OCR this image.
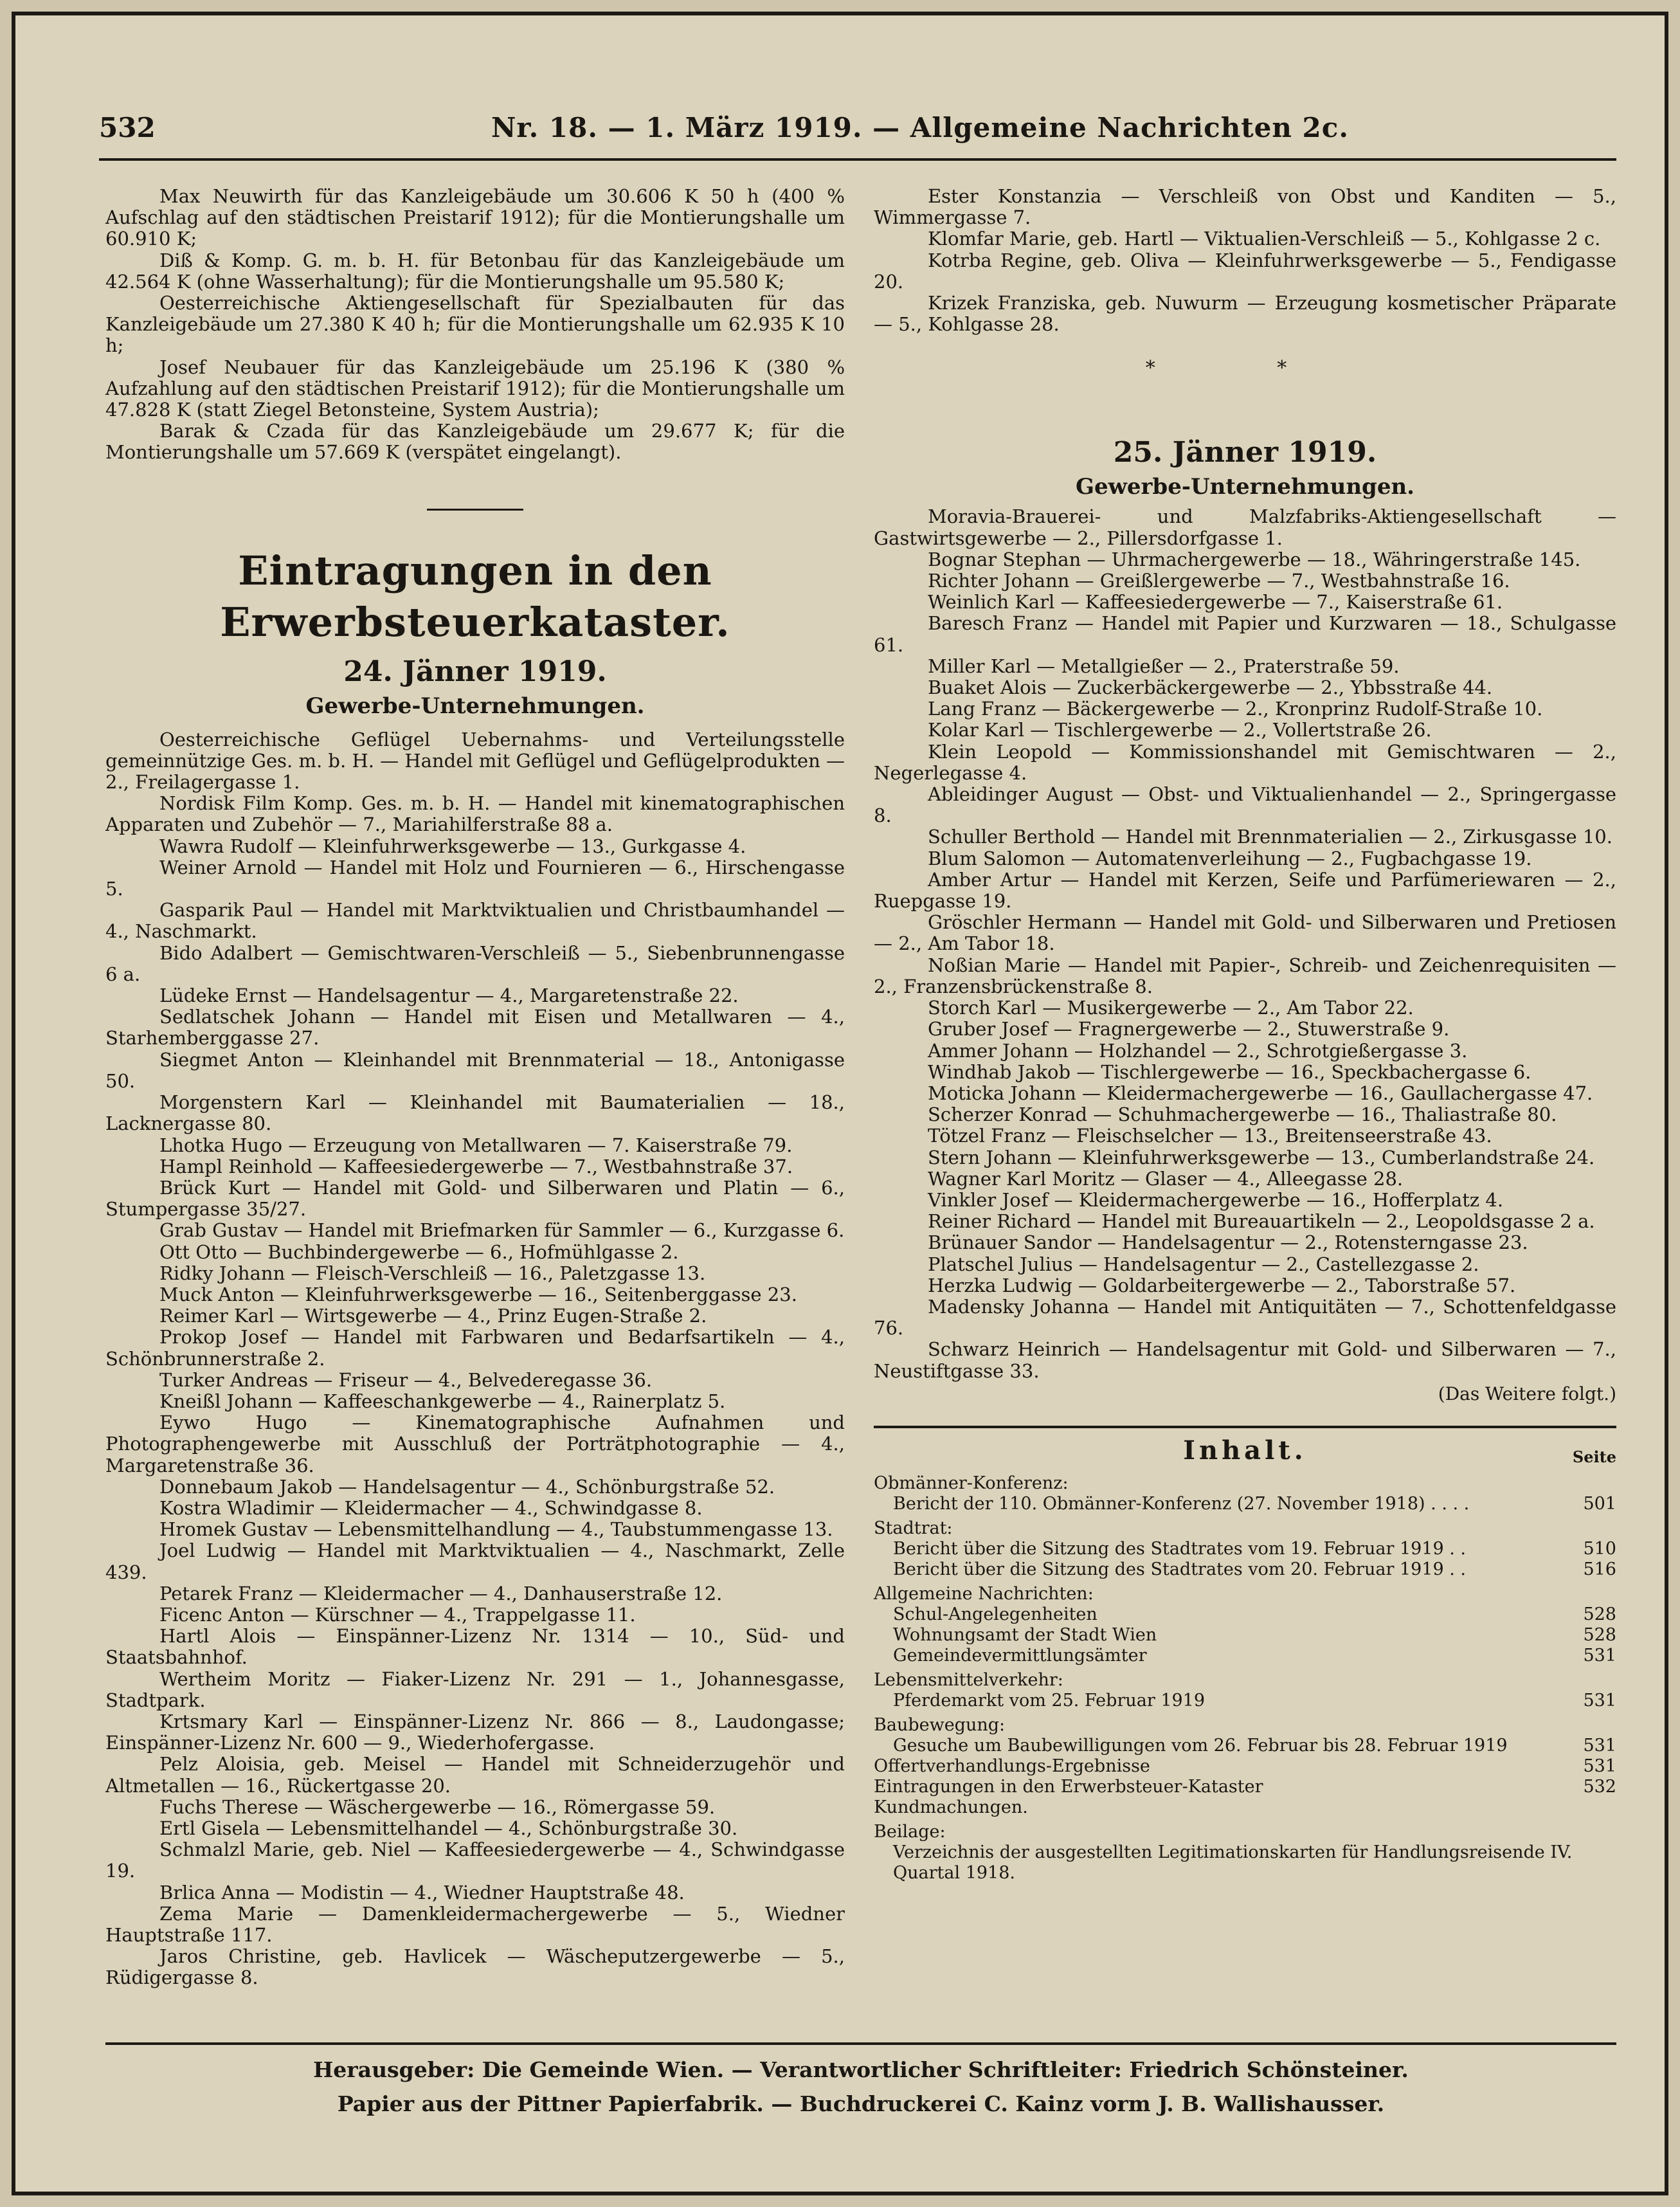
532	Nr. 18. — 1. März 1919. — Allgemeine Nachrichten 2c.

Max Neuwirth für das Kanzleigebäude um 30.606 K 50 h (400 % Aufschlag auf den städtischen Preistarif 1912); für die Montierungshalle um 60.910 K;

Diß & Komp. G. m. b. H. für Betonbau für das Kanzleigebäude um 42.564 K (ohne Wasserhaltung); für die Montierungshalle um 95.580 K;

Oesterreichische Aktiengesellschaft für Spezialbauten für das Kanzleigebäude um 27.380 K 40 h; für die Montierungshalle um 62.935 K 10 h;

Josef Neubauer für das Kanzleigebäude um 25.196 K (380 % Aufzahlung auf den städtischen Preistarif 1912); für die Montierungshalle um 47.828 K (statt Ziegel Betonsteine, System Austria);

Barak & Czada für das Kanzleigebäude um 29.677 K; für die Montierungshalle um 57.669 K (verspätet eingelangt).

Eintragungen in den Erwerbsteuerkataster.
24. Jänner 1919.
Gewerbe-Unternehmungen.

Oesterreichische Geflügel Uebernahms- und Verteilungsstelle gemeinnützige Ges. m. b. H. — Handel mit Geflügel und Geflügelprodukten — 2., Freilagergasse 1.

Nordisk Film Komp. Ges. m. b. H. — Handel mit kinematographischen Apparaten und Zubehör — 7., Mariahilferstraße 88 a.

Wawra Rudolf — Kleinfuhrwerksgewerbe — 13., Gurkgasse 4.

Weiner Arnold — Handel mit Holz und Fournieren — 6., Hirschengasse 5.

Gasparik Paul — Handel mit Marktviktualien und Christbaumhandel — 4., Naschmarkt.

Bido Adalbert — Gemischtwaren-Verschleiß — 5., Siebenbrunnengasse 6 a.

Lüdeke Ernst — Handelsagentur — 4., Margaretenstraße 22.

Sedlatschek Johann — Handel mit Eisen und Metallwaren — 4., Starhemberggasse 27.

Siegmet Anton — Kleinhandel mit Brennmaterial — 18., Antonigasse 50.

Morgenstern Karl — Kleinhandel mit Baumaterialien — 18., Lacknergasse 80.

Lhotka Hugo — Erzeugung von Metallwaren — 7. Kaiserstraße 79.

Hampl Reinhold — Kaffeesiedergewerbe — 7., Westbahnstraße 37.

Brück Kurt — Handel mit Gold- und Silberwaren und Platin — 6., Stumpergasse 35/27.

Grab Gustav — Handel mit Briefmarken für Sammler — 6., Kurzgasse 6.

Ott Otto — Buchbindergewerbe — 6., Hofmühlgasse 2.

Ridky Johann — Fleisch-Verschleiß — 16., Paletzgasse 13.

Muck Anton — Kleinfuhrwerksgewerbe — 16., Seitenberggasse 23.

Reimer Karl — Wirtsgewerbe — 4., Prinz Eugen-Straße 2.

Prokop Josef — Handel mit Farbwaren und Bedarfsartikeln — 4., Schönbrunnerstraße 2.

Turker Andreas — Friseur — 4., Belvederegasse 36.

Kneißl Johann — Kaffeeschankgewerbe — 4., Rainerplatz 5.

Eywo Hugo — Kinematographische Aufnahmen und Photographengewerbe mit Ausschluß der Porträtphotographie — 4., Margaretenstraße 36.

Donnebaum Jakob — Handelsagentur — 4., Schönburgstraße 52.

Kostra Wladimir — Kleidermacher — 4., Schwindgasse 8.

Hromek Gustav — Lebensmittelhandlung — 4., Taubstummengasse 13.

Joel Ludwig — Handel mit Marktviktualien — 4., Naschmarkt, Zelle 439.

Petarek Franz — Kleidermacher — 4., Danhauserstraße 12.

Ficenc Anton — Kürschner — 4., Trappelgasse 11.

Hartl Alois — Einspänner-Lizenz Nr. 1314 — 10., Süd- und Staatsbahnhof.

Wertheim Moritz — Fiaker-Lizenz Nr. 291 — 1., Johannesgasse, Stadtpark.

Krtsmary Karl — Einspänner-Lizenz Nr. 866 — 8., Laudongasse; Einspänner-Lizenz Nr. 600 — 9., Wiederhofergasse.

Pelz Aloisia, geb. Meisel — Handel mit Schneiderzugehör und Altmetallen — 16., Rückertgasse 20.

Fuchs Therese — Wäschergewerbe — 16., Römergasse 59.

Ertl Gisela — Lebensmittelhandel — 4., Schönburgstraße 30.

Schmalzl Marie, geb. Niel — Kaffeesiedergewerbe — 4., Schwindgasse 19.

Brlica Anna — Modistin — 4., Wiedner Hauptstraße 48.

Zema Marie — Damenkleidermachergewerbe — 5., Wiedner Hauptstraße 117.

Jaros Christine, geb. Havlicek — Wäscheputzergewerbe — 5., Rüdigergasse 8.

Ester Konstanzia — Verschleiß von Obst und Kanditen — 5., Wimmergasse 7.

Klomfar Marie, geb. Hartl — Viktualien-Verschleiß — 5., Kohlgasse 2 c.

Kotrba Regine, geb. Oliva — Kleinfuhrwerksgewerbe — 5., Fendigasse 20.

Krizek Franziska, geb. Nuwurm — Erzeugung kosmetischer Präparate — 5., Kohlgasse 28.

* *
25. Jänner 1919.
Gewerbe-Unternehmungen.

Moravia-Brauerei- und Malzfabriks-Aktiengesellschaft — Gastwirtsgewerbe — 2., Pillersdorfgasse 1.

Bognar Stephan — Uhrmachergewerbe — 18., Währingerstraße 145.

Richter Johann — Greißlergewerbe — 7., Westbahnstraße 16.

Weinlich Karl — Kaffeesiedergewerbe — 7., Kaiserstraße 61.

Baresch Franz — Handel mit Papier und Kurzwaren — 18., Schulgasse 61.

Miller Karl — Metallgießer — 2., Praterstraße 59.

Buaket Alois — Zuckerbäckergewerbe — 2., Ybbsstraße 44.

Lang Franz — Bäckergewerbe — 2., Kronprinz Rudolf-Straße 10.

Kolar Karl — Tischlergewerbe — 2., Vollertstraße 26.

Klein Leopold — Kommissionshandel mit Gemischtwaren — 2., Negerlegasse 4.

Ableidinger August — Obst- und Viktualienhandel — 2., Springergasse 8.

Schuller Berthold — Handel mit Brennmaterialien — 2., Zirkusgasse 10.

Blum Salomon — Automatenverleihung — 2., Fugbachgasse 19.

Amber Artur — Handel mit Kerzen, Seife und Parfümeriewaren — 2., Ruepgasse 19.

Gröschler Hermann — Handel mit Gold- und Silberwaren und Pretiosen — 2., Am Tabor 18.

Noßian Marie — Handel mit Papier-, Schreib- und Zeichenrequisiten — 2., Franzensbrückenstraße 8.

Storch Karl — Musikergewerbe — 2., Am Tabor 22.

Gruber Josef — Fragnergewerbe — 2., Stuwerstraße 9.

Ammer Johann — Holzhandel — 2., Schrotgießergasse 3.

Windhab Jakob — Tischlergewerbe — 16., Speckbachergasse 6.

Moticka Johann — Kleidermachergewerbe — 16., Gaullachergasse 47.

Scherzer Konrad — Schuhmachergewerbe — 16., Thaliastraße 80.

Tötzel Franz — Fleischselcher — 13., Breitenseerstraße 43.

Stern Johann — Kleinfuhrwerksgewerbe — 13., Cumberlandstraße 24.

Wagner Karl Moritz — Glaser — 4., Alleegasse 28.

Vinkler Josef — Kleidermachergewerbe — 16., Hofferplatz 4.

Reiner Richard — Handel mit Bureauartikeln — 2., Leopoldsgasse 2 a.

Brünauer Sandor — Handelsagentur — 2., Rotensterngasse 23.

Platschel Julius — Handelsagentur — 2., Castellezgasse 2.

Herzka Ludwig — Goldarbeitergewerbe — 2., Taborstraße 57.

Madensky Johanna — Handel mit Antiquitäten — 7., Schottenfeldgasse 76.

Schwarz Heinrich — Handelsagentur mit Gold- und Silberwaren — 7., Neustiftgasse 33.

(Das Weitere folgt.)
Inhalt.	Seite
Obmänner-Konferenz:
Bericht der 110. Obmänner-Konferenz (27. November 1918) . . . .	501
Stadtrat:
Bericht über die Sitzung des Stadtrates vom 19. Februar 1919 . .	510
Bericht über die Sitzung des Stadtrates vom 20. Februar 1919 . .	516
Allgemeine Nachrichten:
Schul-Angelegenheiten	528
Wohnungsamt der Stadt Wien	528
Gemeindevermittlungsämter	531
Lebensmittelverkehr:
Pferdemarkt vom 25. Februar 1919	531
Baubewegung:
Gesuche um Baubewilligungen vom 26. Februar bis 28. Februar 1919	531
Offertverhandlungs-Ergebnisse	531
Eintragungen in den Erwerbsteuer-Kataster	532
Kundmachungen.
Beilage:
Verzeichnis der ausgestellten Legitimationskarten für Handlungsreisende IV. Quartal 1918.
Herausgeber: Die Gemeinde Wien. — Verantwortlicher Schriftleiter: Friedrich Schönsteiner.
Papier aus der Pittner Papierfabrik. — Buchdruckerei C. Kainz vorm J. B. Wallishausser.
